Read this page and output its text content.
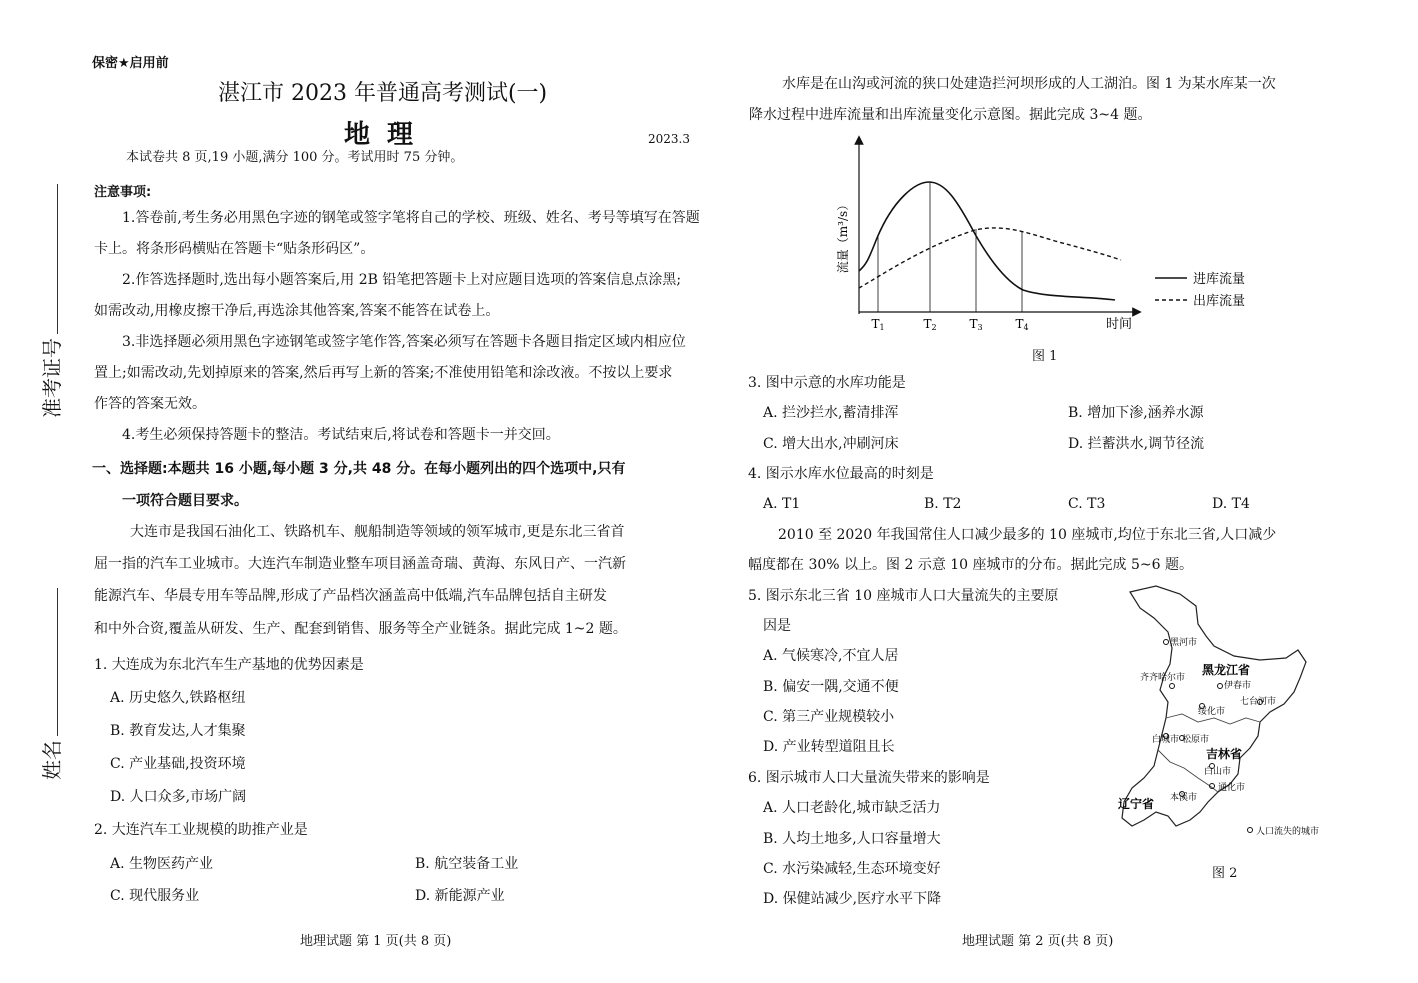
保密★启用前
湛江市 2023 年普通高考测试(一)
地 理	2023.3
本试卷共 8 页,19 小题,满分 100 分。考试用时 75 分钟。
准考证号
姓名
注意事项:
1.答卷前,考生务必用黑色字迹的钢笔或签字笔将自己的学校、班级、姓名、考号等填写在答题
卡上。将条形码横贴在答题卡“贴条形码区”。
2.作答选择题时,选出每小题答案后,用 2B 铅笔把答题卡上对应题目选项的答案信息点涂黑;
如需改动,用橡皮擦干净后,再选涂其他答案,答案不能答在试卷上。
3.非选择题必须用黑色字迹钢笔或签字笔作答,答案必须写在答题卡各题目指定区域内相应位
置上;如需改动,先划掉原来的答案,然后再写上新的答案;不准使用铅笔和涂改液。不按以上要求
作答的答案无效。
4.考生必须保持答题卡的整洁。考试结束后,将试卷和答题卡一并交回。
一、选择题:本题共 16 小题,每小题 3 分,共 48 分。在每小题列出的四个选项中,只有
一项符合题目要求。
大连市是我国石油化工、铁路机车、舰船制造等领域的领军城市,更是东北三省首
屈一指的汽车工业城市。大连汽车制造业整车项目涵盖奇瑞、黄海、东风日产、一汽新
能源汽车、华晨专用车等品牌,形成了产品档次涵盖高中低端,汽车品牌包括自主研发
和中外合资,覆盖从研发、生产、配套到销售、服务等全产业链条。据此完成 1~2 题。
1. 大连成为东北汽车生产基地的优势因素是
A. 历史悠久,铁路枢纽
B. 教育发达,人才集聚
C. 产业基础,投资环境
D. 人口众多,市场广阔
2. 大连汽车工业规模的助推产业是
A. 生物医药产业	B. 航空装备工业
C. 现代服务业	D. 新能源产业
地理试题 第 1 页(共 8 页)
水库是在山沟或河流的狭口处建造拦河坝形成的人工湖泊。图 1 为某水库某一次
降水过程中进库流量和出库流量变化示意图。据此完成 3~4 题。
T1	T2	T3	T4	时间
流量（m³/s）
进库流量
出库流量
图 1
3. 图中示意的水库功能是
A. 拦沙拦水,蓄清排浑	B. 增加下渗,涵养水源
C. 增大出水,冲刷河床	D. 拦蓄洪水,调节径流
4. 图示水库水位最高的时刻是
A. T1	B. T2	C. T3	D. T4
2010 至 2020 年我国常住人口减少最多的 10 座城市,均位于东北三省,人口减少
幅度都在 30% 以上。图 2 示意 10 座城市的分布。据此完成 5~6 题。
5. 图示东北三省 10 座城市人口大量流失的主要原
因是
A. 气候寒冷,不宜人居
B. 偏安一隅,交通不便
C. 第三产业规模较小
D. 产业转型道阻且长
6. 图示城市人口大量流失带来的影响是
A. 人口老龄化,城市缺乏活力
B. 人均土地多,人口容量增大
C. 水污染减轻,生态环境变好
D. 保健站减少,医疗水平下降
黑龙江省
吉林省
辽宁省
黑河市
齐齐哈尔市
伊春市
七台河市
绥化市
白城市 松原市
白山市
本溪市
通化市
人口流失的城市
图 2
地理试题 第 2 页(共 8 页)
